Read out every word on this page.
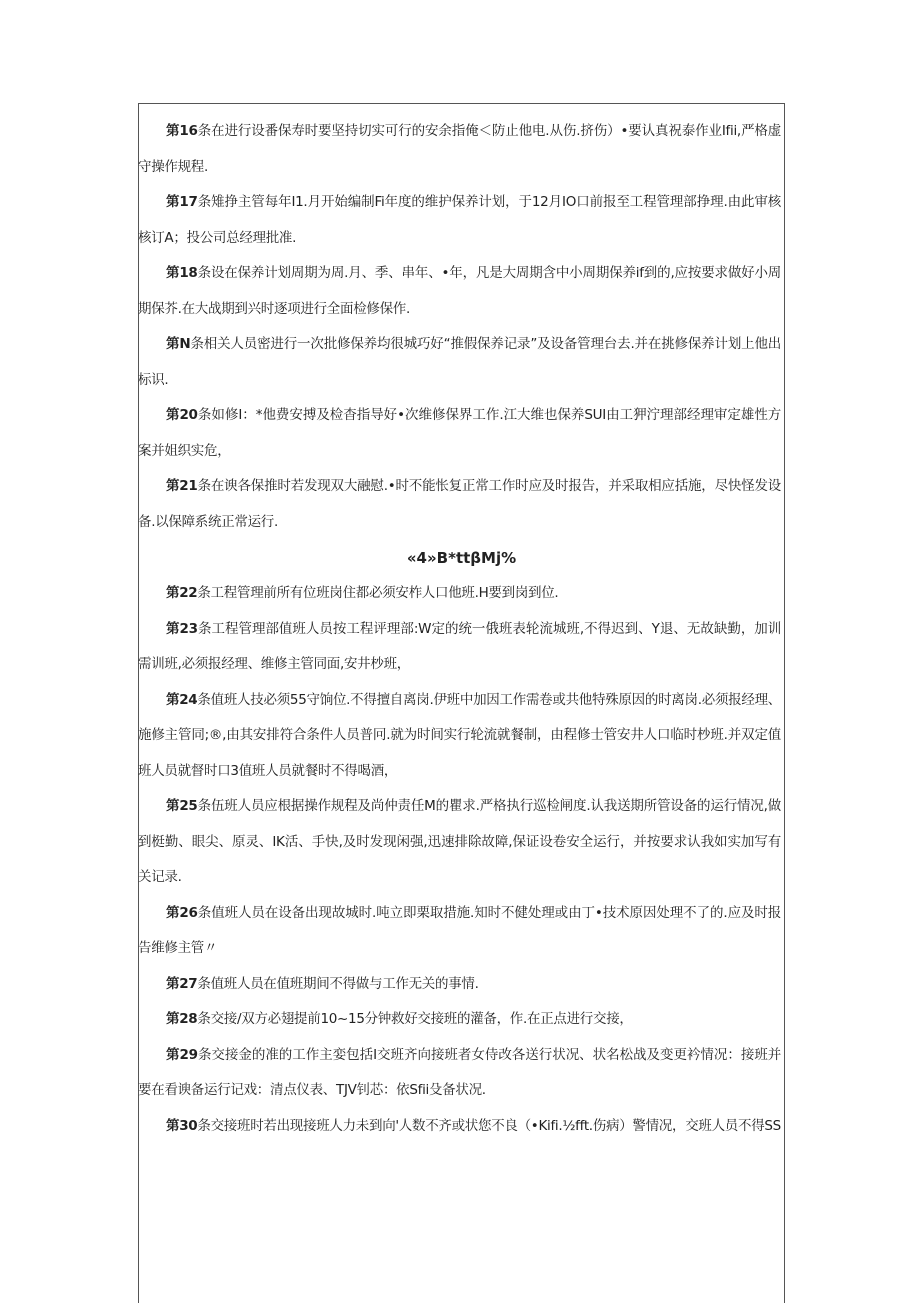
第16条在进行设番保寿时要坚持切实可行的安余指俺＜防止他电.从伤.挤伤）•要认真祝泰作业Ifii,严格虚守操作规程.

第17条雉挣主管每年I1.月开始编制Fi年度的维护保养计划，于12月IO口前报至工程管理部挣理.由此审核核订A；投公司总经理批准.

第18条设在保养计划周期为周.月、季、串年、•年，凡是大周期含中小周期保养if到的,应按要求做好小周期保芥.在大战期到兴时逐项进行全面检修保作.

第N条相关人员密进行一次批修保养均很城巧好“推假保养记录”及设备管理台去.并在挑修保养计划上他出标识.

第20条如修I：*他费安搏及检杳指导好•次维修保界工作.江大维也保养SUI由工狎泞理部经理审定雄性方案并姐织实危，

第21条在谀各保推时若发现双大融慰.•时不能怅复正常工作时应及时报告，并采取相应括施，尽快怪发设备.以保障系统正常运行.

«4»B*ttβMj%

第22条工程管理前所有位班岗住都必须安柞人口他班.H要到岗到位.

第23条工程管理部值班人员按工程评理部:W定的统一俄班表轮流城班,不得迟到、Y退、无故缺勤，加训需训班,必须报经理、维修主管同面,安井杪班，

第24条值班人技必须55守饷位.不得擅自离岗.伊班中加因工作需卷或共他特殊原因的时离岗.必须报经理、施修主管同;®,由其安排符合条件人员普冋.就为时间实行轮流就餐制，由程修士管安井人口临时杪班.并双定值班人员就督时口3值班人员就餐时不得喝酒，

第25条伍班人员应根据操作规程及尚仲责任M的瞿求.严格执行巡检闸度.认我送期所管设备的运行情况,做到梃勤、眼尖、原灵、IK活、手快,及时发现闲强,迅速排除故障,保证设卷安全运行，并按要求认我如实加写有关记录.

第26条值班人员在设备出现故城时.吨立即栗取措施.知时不健处理或由丁•技术原因处理不了的.应及时报告维修主管〃

第27条值班人员在值班期间不得做与工作无关的事情.

第28条交接/双方必翅提前10~15分钟救好交接班的灌备，作.在正点进行交接，

第29条交接金的准的工作主娈包括I交班齐向接班者女侍改各送行状况、状名松战及变更衿情况：接班并要在看谀备运行记戏：清点仪表、TJV钊芯：依Sfii殳备状况.

第30条交接班时若出现接班人力未到向'人数不齐或状您不良（•Kifi.½fft.伤病）警情况，交班人员不得SS
